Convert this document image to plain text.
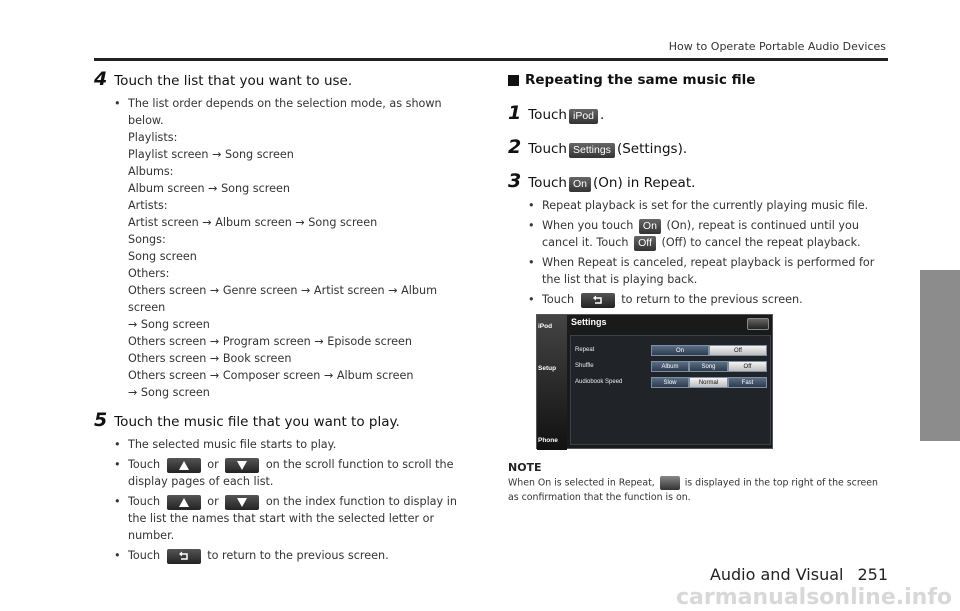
How to Operate Portable Audio Devices
4 Touch the list that you want to use.
• The list order depends on the selection mode, as shown below.
Playlists:
Playlist screen → Song screen
Albums:
Album screen → Song screen
Artists:
Artist screen → Album screen → Song screen
Songs:
Song screen
Others:
Others screen → Genre screen → Artist screen → Album screen
→ Song screen
Others screen → Program screen → Episode screen
Others screen → Book screen
Others screen → Composer screen → Album screen
→ Song screen
5 Touch the music file that you want to play.
• The selected music file starts to play.
• Touch	or	on the scroll function to scroll the display pages of each list.
• Touch	or	on the index function to display in the list the names that start with the selected letter or number.
• Touch	to return to the previous screen.
Repeating the same music file
1 Touch iPod .
2 Touch Settings (Settings).
3 Touch On (On) in Repeat.
• Repeat playback is set for the currently playing music file.
• When you touch On (On), repeat is continued until you cancel it. Touch Off (Off) to cancel the repeat playback.
• When Repeat is canceled, repeat playback is performed for the list that is playing back.
• Touch	to return to the previous screen.
iPod
Setup
Phone
Settings
Repeat	On	Off
Shuffle	Album	Song	Off
Audiobook Speed	Slow	Normal	Fast
NOTE
When On is selected in Repeat,	is displayed in the top right of the screen as confirmation that the function is on.
Audio and Visual 251
carmanualsonline.info
